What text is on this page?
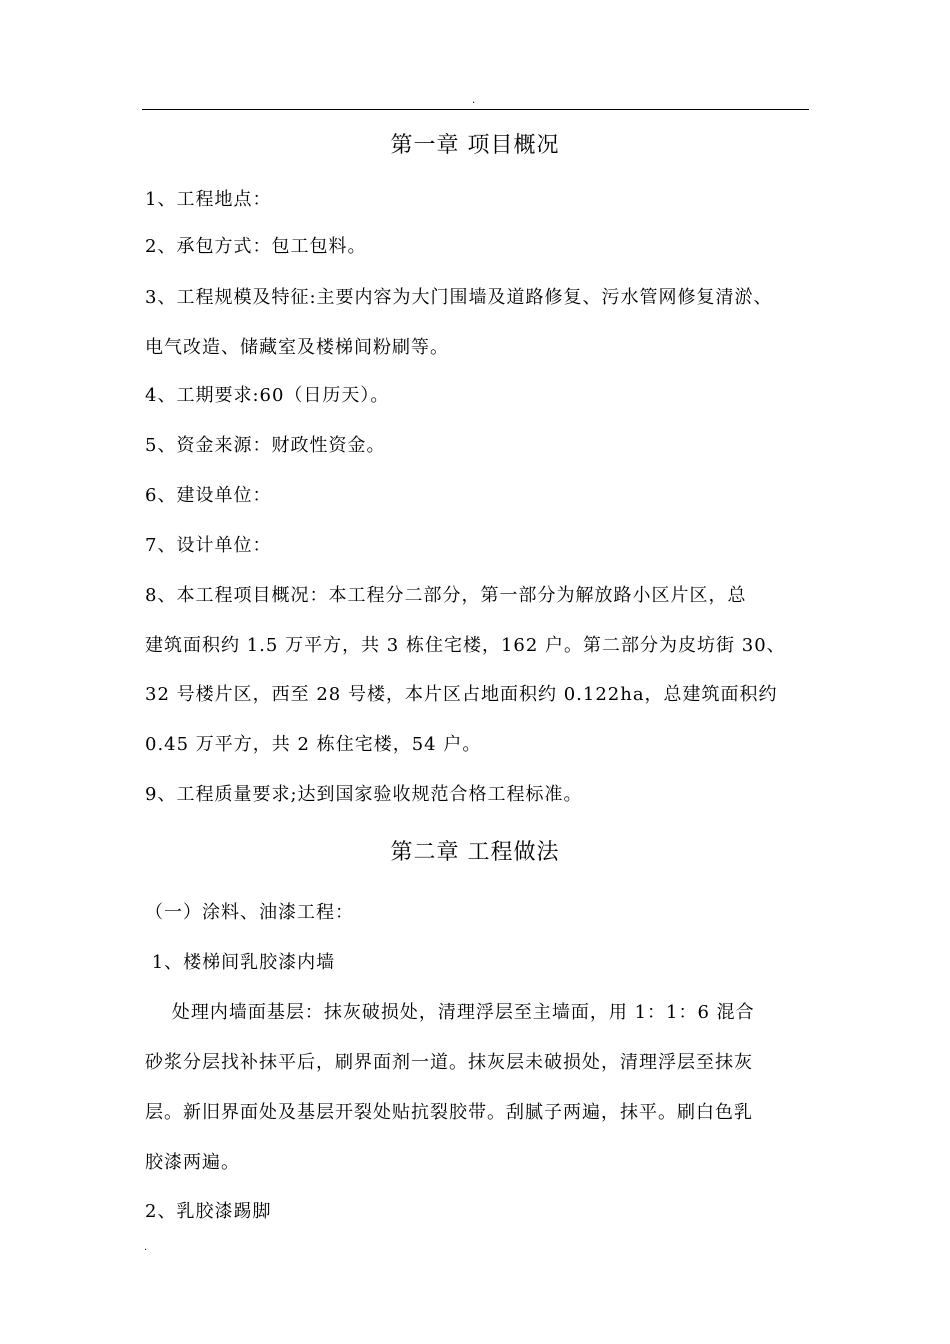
.
第一章 项目概况
1、工程地点：
2、承包方式：包工包料。
3、工程规模及特征:主要内容为大门围墙及道路修复、污水管网修复清淤、
电气改造、储藏室及楼梯间粉刷等。
4、工期要求:60（日历天）。
5、资金来源：财政性资金。
6、建设单位：
7、设计单位：
8、本工程项目概况：本工程分二部分，第一部分为解放路小区片区，总
建筑面积约 1.5 万平方，共 3 栋住宅楼，162 户。第二部分为皮坊街 30、
32 号楼片区，西至 28 号楼，本片区占地面积约 0.122ha，总建筑面积约
0.45 万平方，共 2 栋住宅楼，54 户。
9、工程质量要求;达到国家验收规范合格工程标准。
第二章 工程做法
（一）涂料、油漆工程：
1、楼梯间乳胶漆内墙
处理内墙面基层：抹灰破损处，清理浮层至主墙面，用 1：1：6 混合
砂浆分层找补抹平后，刷界面剂一道。抹灰层未破损处，清理浮层至抹灰
层。新旧界面处及基层开裂处贴抗裂胶带。刮腻子两遍，抹平。刷白色乳
胶漆两遍。
2、乳胶漆踢脚
.
